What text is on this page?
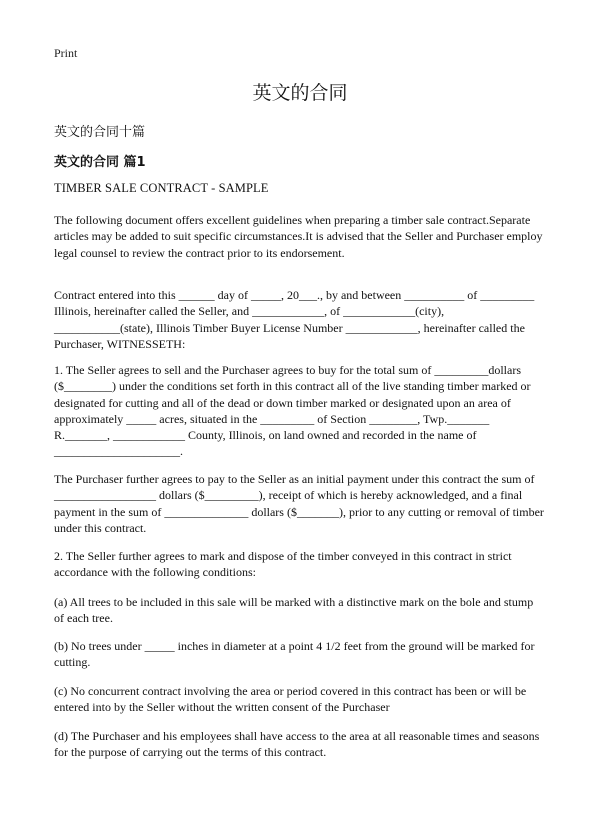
Print
英文的合同
英文的合同十篇
英文的合同 篇1
TIMBER SALE CONTRACT - SAMPLE

The following document offers excellent guidelines when preparing a timber sale contract.Separate articles may be added to suit specific circumstances.It is advised that the Seller and Purchaser employ legal counsel to review the contract prior to its endorsement.

Contract entered into this ______ day of _____, 20___., by and between __________ of _________ Illinois, hereinafter called the Seller, and ____________, of ____________(city), ___________(state), Illinois Timber Buyer License Number ____________, hereinafter called the Purchaser, WITNESSETH:

1. The Seller agrees to sell and the Purchaser agrees to buy for the total sum of _________dollars ($________) under the conditions set forth in this contract all of the live standing timber marked or designated for cutting and all of the dead or down timber marked or designated upon an area of approximately _____ acres, situated in the _________ of Section ________, Twp._______ R._______, ____________ County, Illinois, on land owned and recorded in the name of _____________________.

The Purchaser further agrees to pay to the Seller as an initial payment under this contract the sum of _________________ dollars ($_________), receipt of which is hereby acknowledged, and a final payment in the sum of ______________ dollars ($_______), prior to any cutting or removal of timber under this contract.

2. The Seller further agrees to mark and dispose of the timber conveyed in this contract in strict accordance with the following conditions:

(a) All trees to be included in this sale will be marked with a distinctive mark on the bole and stump of each tree.

(b) No trees under _____ inches in diameter at a point 4 1/2 feet from the ground will be marked for cutting.

(c) No concurrent contract involving the area or period covered in this contract has been or will be entered into by the Seller without the written consent of the Purchaser

(d) The Purchaser and his employees shall have access to the area at all reasonable times and seasons for the purpose of carrying out the terms of this contract.
